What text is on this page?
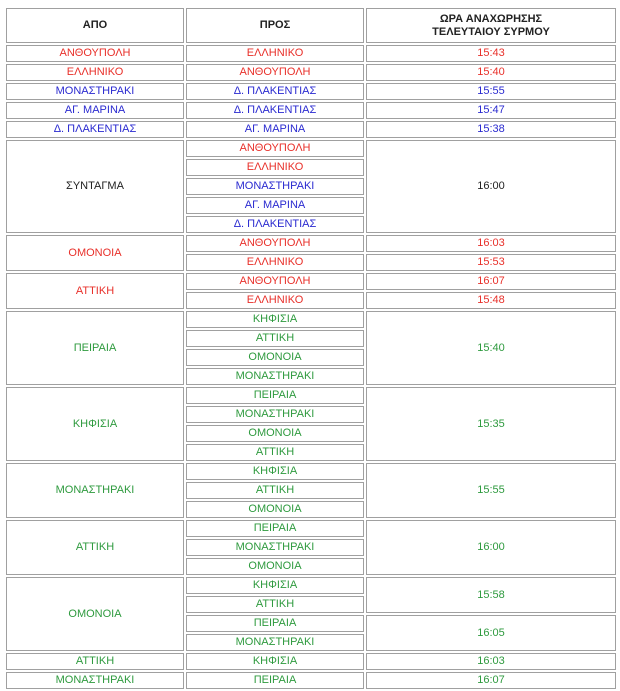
ΑΠΟ	ΠΡΟΣ	ΩΡΑ ΑΝΑΧΩΡΗΣΗΣ
ΤΕΛΕΥΤΑΙΟΥ ΣΥΡΜΟΥ

ΑΝΘΟΥΠΟΛΗ	ΕΛΛΗΝΙΚΟ	15:43
ΕΛΛΗΝΙΚΟ	ΑΝΘΟΥΠΟΛΗ	15:40
ΜΟΝΑΣΤΗΡΑΚΙ	Δ. ΠΛΑΚΕΝΤΙΑΣ	15:55
ΑΓ. ΜΑΡΙΝΑ	Δ. ΠΛΑΚΕΝΤΙΑΣ	15:47
Δ. ΠΛΑΚΕΝΤΙΑΣ	ΑΓ. ΜΑΡΙΝΑ	15:38
ΣΥΝΤΑΓΜΑ	ΑΝΘΟΥΠΟΛΗ	16:00
	ΕΛΛΗΝΙΚΟ	
	ΜΟΝΑΣΤΗΡΑΚΙ	
	ΑΓ. ΜΑΡΙΝΑ	
	Δ. ΠΛΑΚΕΝΤΙΑΣ	
ΟΜΟΝΟΙΑ	ΑΝΘΟΥΠΟΛΗ	16:03
	ΕΛΛΗΝΙΚΟ	15:53
ΑΤΤΙΚΗ	ΑΝΘΟΥΠΟΛΗ	16:07
	ΕΛΛΗΝΙΚΟ	15:48
ΠΕΙΡΑΙΑ	ΚΗΦΙΣΙΑ	15:40
	ΑΤΤΙΚΗ	
	ΟΜΟΝΟΙΑ	
	ΜΟΝΑΣΤΗΡΑΚΙ	
ΚΗΦΙΣΙΑ	ΠΕΙΡΑΙΑ	15:35
	ΜΟΝΑΣΤΗΡΑΚΙ	
	ΟΜΟΝΟΙΑ	
	ΑΤΤΙΚΗ	
ΜΟΝΑΣΤΗΡΑΚΙ	ΚΗΦΙΣΙΑ	15:55
	ΑΤΤΙΚΗ	
	ΟΜΟΝΟΙΑ	
ΑΤΤΙΚΗ	ΠΕΙΡΑΙΑ	16:00
	ΜΟΝΑΣΤΗΡΑΚΙ	
	ΟΜΟΝΟΙΑ	
ΟΜΟΝΟΙΑ	ΚΗΦΙΣΙΑ	15:58
	ΑΤΤΙΚΗ	
	ΠΕΙΡΑΙΑ	16:05
	ΜΟΝΑΣΤΗΡΑΚΙ	
ΑΤΤΙΚΗ	ΚΗΦΙΣΙΑ	16:03
ΜΟΝΑΣΤΗΡΑΚΙ	ΠΕΙΡΑΙΑ	16:07
